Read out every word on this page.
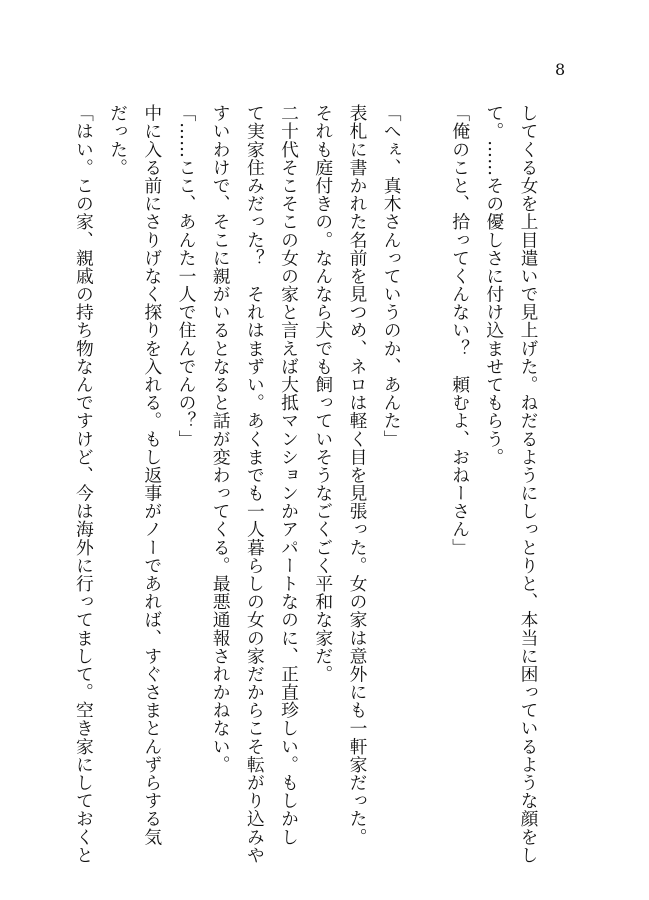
8
してくる女を上目遣いで見上げた。ねだるようにしっとりと、本当に困っているような顔をし
て。……その優しさに付け込ませてもらう。
「俺のこと、拾ってくんない？　頼むよ、おねーさん」

「へぇ、真木さんっていうのか、あんた」
表札に書かれた名前を見つめ、ネロは軽く目を見張った。女の家は意外にも一軒家だった。
それも庭付きの。なんなら犬でも飼っていそうなごくごく平和な家だ。
二十代そこそこの女の家と言えば大抵マンションかアパートなのに、正直珍しい。もしかし
て実家住みだった？　それはまずい。あくまでも一人暮らしの女の家だからこそ転がり込みや
すいわけで、そこに親がいるとなると話が変わってくる。最悪通報されかねない。
「……ここ、あんた一人で住んでんの？」
中に入る前にさりげなく探りを入れる。もし返事がノーであれば、すぐさまとんずらする気
だった。
「はい。この家、親戚の持ち物なんですけど、今は海外に行ってまして。空き家にしておくと
